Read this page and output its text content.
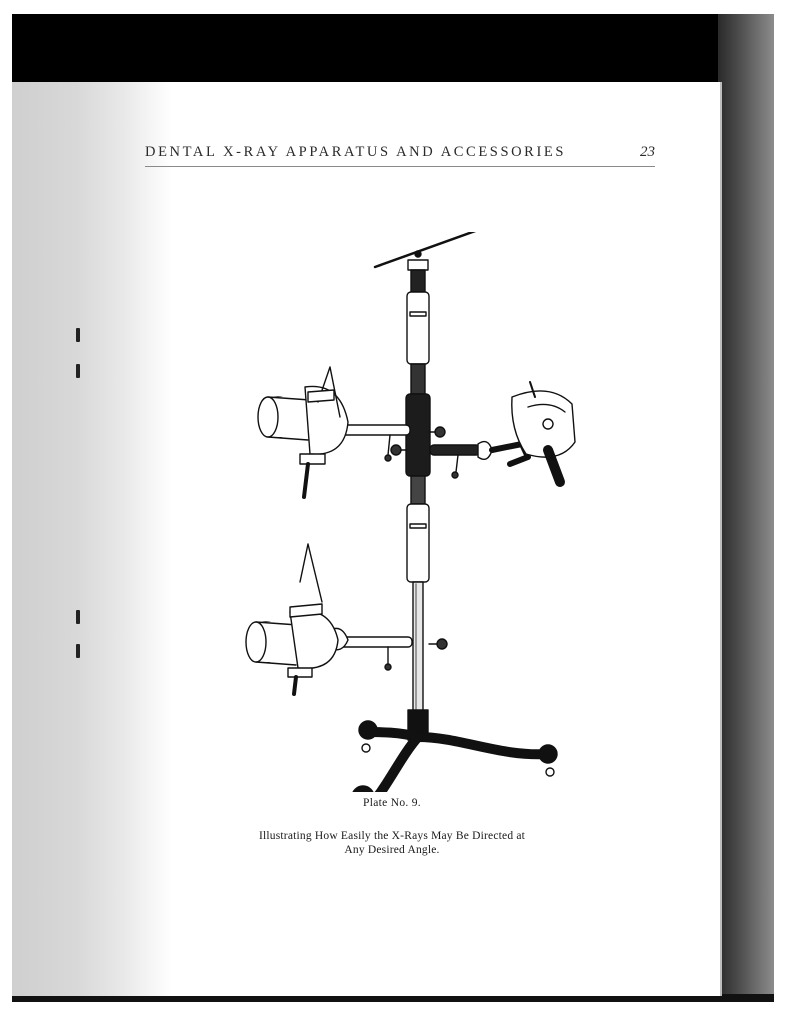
DENTAL X-RAY APPARATUS AND ACCESSORIES	23
Plate No. 9.
Illustrating How Easily the X-Rays May Be Directed at
Any Desired Angle.
